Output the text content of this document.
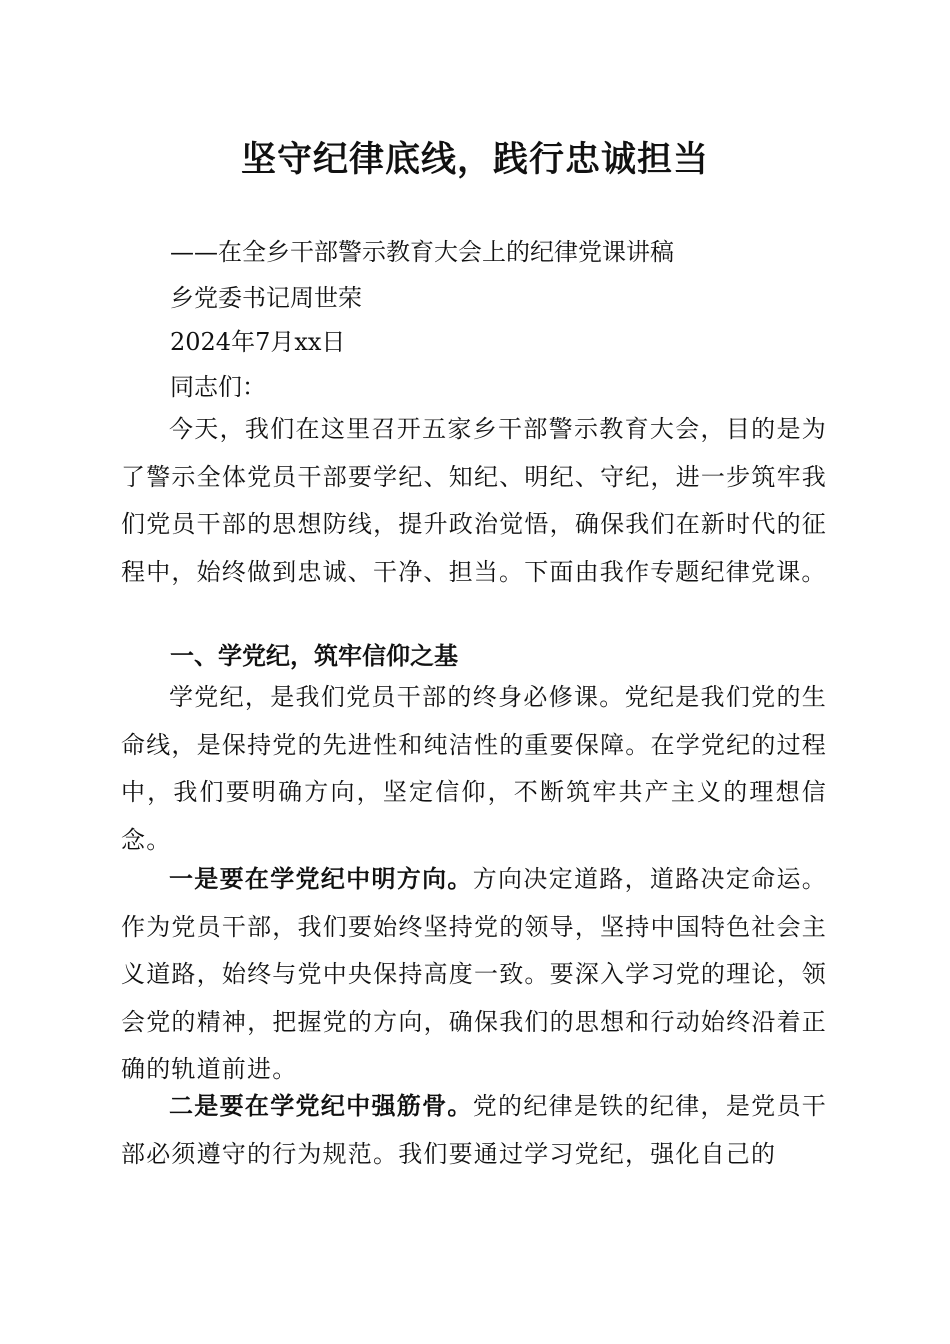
坚守纪律底线，践行忠诚担当

——在全乡干部警示教育大会上的纪律党课讲稿

乡党委书记周世荣

2024年7月xx日

同志们：

今天，我们在这里召开五家乡干部警示教育大会，目的是为了警示全体党员干部要学纪、知纪、明纪、守纪，进一步筑牢我们党员干部的思想防线，提升政治觉悟，确保我们在新时代的征程中，始终做到忠诚、干净、担当。下面由我作专题纪律党课。

一、学党纪，筑牢信仰之基

学党纪，是我们党员干部的终身必修课。党纪是我们党的生命线，是保持党的先进性和纯洁性的重要保障。在学党纪的过程中，我们要明确方向，坚定信仰，不断筑牢共产主义的理想信念。

一是要在学党纪中明方向。方向决定道路，道路决定命运。作为党员干部，我们要始终坚持党的领导，坚持中国特色社会主义道路，始终与党中央保持高度一致。要深入学习党的理论，领会党的精神，把握党的方向，确保我们的思想和行动始终沿着正确的轨道前进。

二是要在学党纪中强筋骨。党的纪律是铁的纪律，是党员干部必须遵守的行为规范。我们要通过学习党纪，强化自己的
